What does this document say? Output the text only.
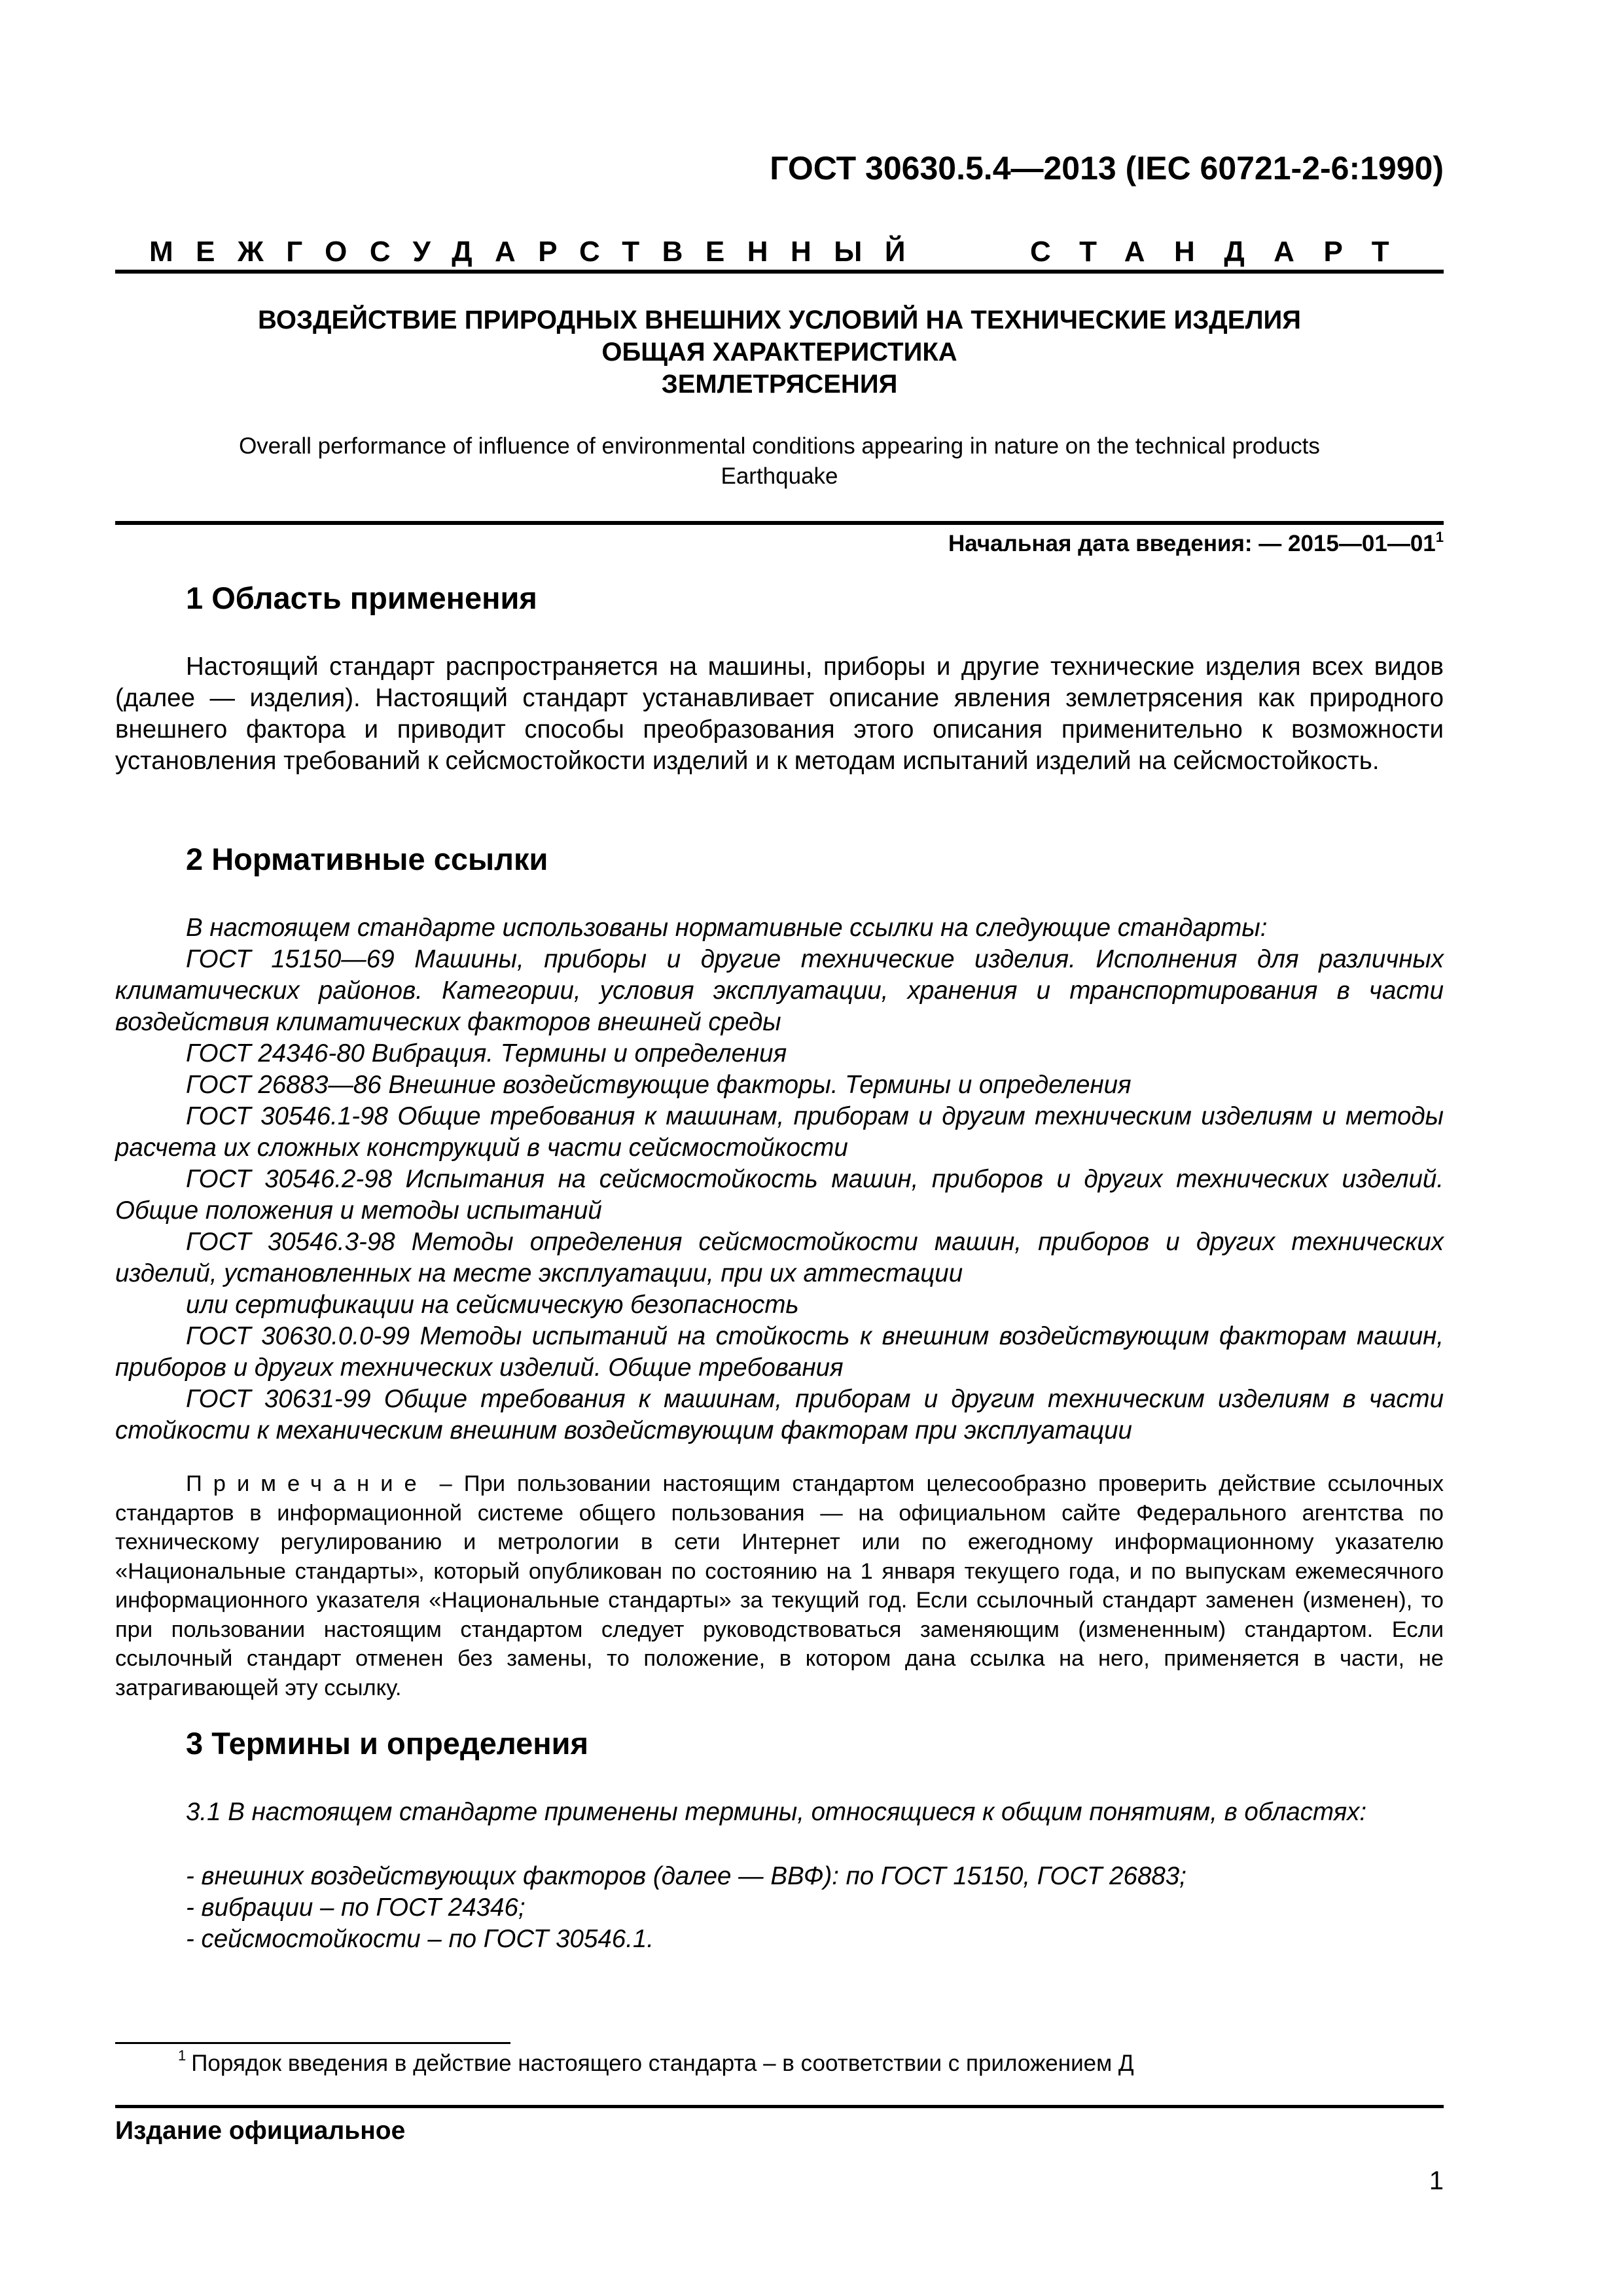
ГОСТ 30630.5.4—2013 (IEC 60721-2-6:1990)
МЕЖГОСУДАРСТВЕННЫЙ	СТАНДАРТ
ВОЗДЕЙСТВИЕ ПРИРОДНЫХ ВНЕШНИХ УСЛОВИЙ НА ТЕХНИЧЕСКИЕ ИЗДЕЛИЯ
ОБЩАЯ ХАРАКТЕРИСТИКА
ЗЕМЛЕТРЯСЕНИЯ
Overall performance of influence of environmental conditions appearing in nature on the technical products
Earthquake
Начальная дата введения: — $2015—01—01^1$
1 Область применения
Настоящий стандарт распространяется на машины, приборы и другие технические изделия всех видов (далее — изделия). Настоящий стандарт устанавливает описание явления землетрясения как природного внешнего фактора и приводит способы преобразования этого описания применительно к возможности установления требований к сейсмостойкости изделий и к методам испытаний изделий на сейсмостойкость.
2 Нормативные ссылки
В настоящем стандарте использованы нормативные ссылки на следующие стандарты:
ГОСТ 15150—69 Машины, приборы и другие технические изделия. Исполнения для различных климатических районов. Категории, условия эксплуатации, хранения и транспортирования в части воздействия климатических факторов внешней среды
ГОСТ 24346-80 Вибрация. Термины и определения
ГОСТ 26883—86 Внешние воздействующие факторы. Термины и определения
ГОСТ 30546.1-98 Общие требования к машинам, приборам и другим техническим изделиям и методы расчета их сложных конструкций в части сейсмостойкости
ГОСТ 30546.2-98 Испытания на сейсмостойкость машин, приборов и других технических изделий. Общие положения и методы испытаний
ГОСТ 30546.3-98 Методы определения сейсмостойкости машин, приборов и других технических изделий, установленных на месте эксплуатации, при их аттестации
или сертификации на сейсмическую безопасность
ГОСТ 30630.0.0-99 Методы испытаний на стойкость к внешним воздействующим факторам машин, приборов и других технических изделий. Общие требования
ГОСТ 30631-99 Общие требования к машинам, приборам и другим техническим изделиям в части стойкости к механическим внешним воздействующим факторам при эксплуатации
Примечание – При пользовании настоящим стандартом целесообразно проверить действие ссылочных стандартов в информационной системе общего пользования — на официальном сайте Федерального агентства по техническому регулированию и метрологии в сети Интернет или по ежегодному информационному указателю «Национальные стандарты», который опубликован по состоянию на 1 января текущего года, и по выпускам ежемесячного информационного указателя «Национальные стандарты» за текущий год. Если ссылочный стандарт заменен (изменен), то при пользовании настоящим стандартом следует руководствоваться заменяющим (измененным) стандартом. Если ссылочный стандарт отменен без замены, то положение, в котором дана ссылка на него, применяется в части, не затрагивающей эту ссылку.
3 Термины и определения
3.1 В настоящем стандарте применены термины, относящиеся к общим понятиям, в областях:
- внешних воздействующих факторов (далее — ВВФ): по ГОСТ 15150, ГОСТ 26883;
- вибрации – по ГОСТ 24346;
- сейсмостойкости – по ГОСТ 30546.1.
$^1$ Порядок введения в действие настоящего стандарта – в соответствии с приложением Д
Издание официальное
1
